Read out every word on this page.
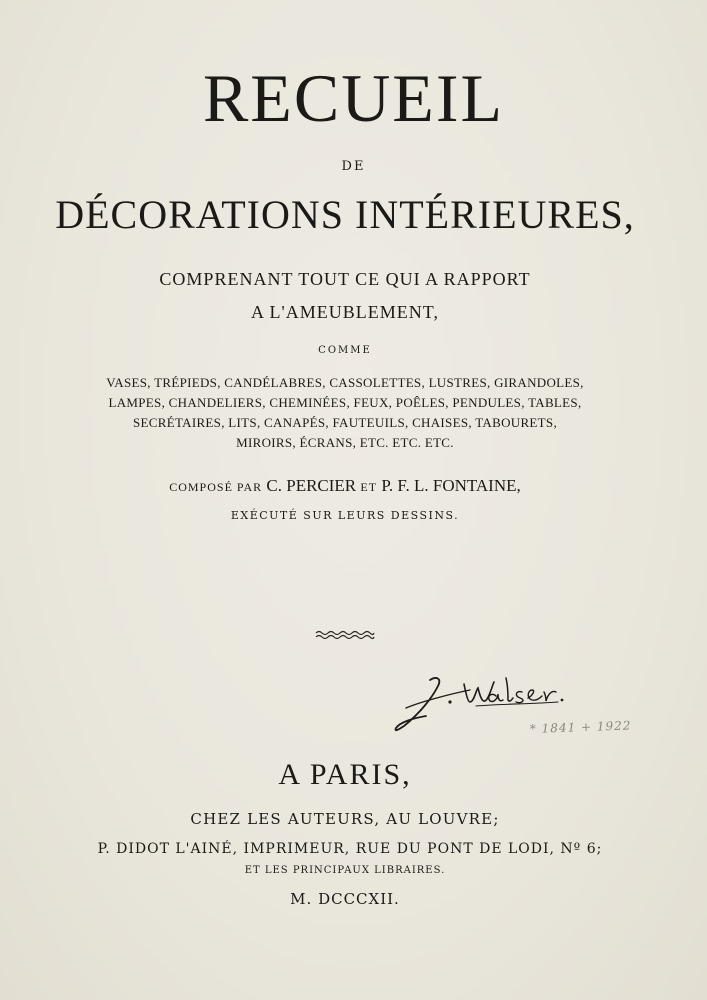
RECUEIL
DE
DÉCORATIONS INTÉRIEURES,
COMPRENANT TOUT CE QUI A RAPPORT
A L'AMEUBLEMENT,
COMME
VASES, TRÉPIEDS, CANDÉLABRES, CASSOLETTES, LUSTRES, GIRANDOLES,
LAMPES, CHANDELIERS, CHEMINÉES, FEUX, POÊLES, PENDULES, TABLES,
SECRÉTAIRES, LITS, CANAPÉS, FAUTEUILS, CHAISES, TABOURETS,
MIROIRS, ÉCRANS, ETC. ETC. ETC.
COMPOSÉ PAR C. PERCIER ET P. F. L. FONTAINE,
EXÉCUTÉ SUR LEURS DESSINS.
* 1841 + 1922
A PARIS,
CHEZ LES AUTEURS, AU LOUVRE;
P. DIDOT L'AINÉ, IMPRIMEUR, RUE DU PONT DE LODI, Nº 6;
ET LES PRINCIPAUX LIBRAIRES.
M. DCCCXII.
